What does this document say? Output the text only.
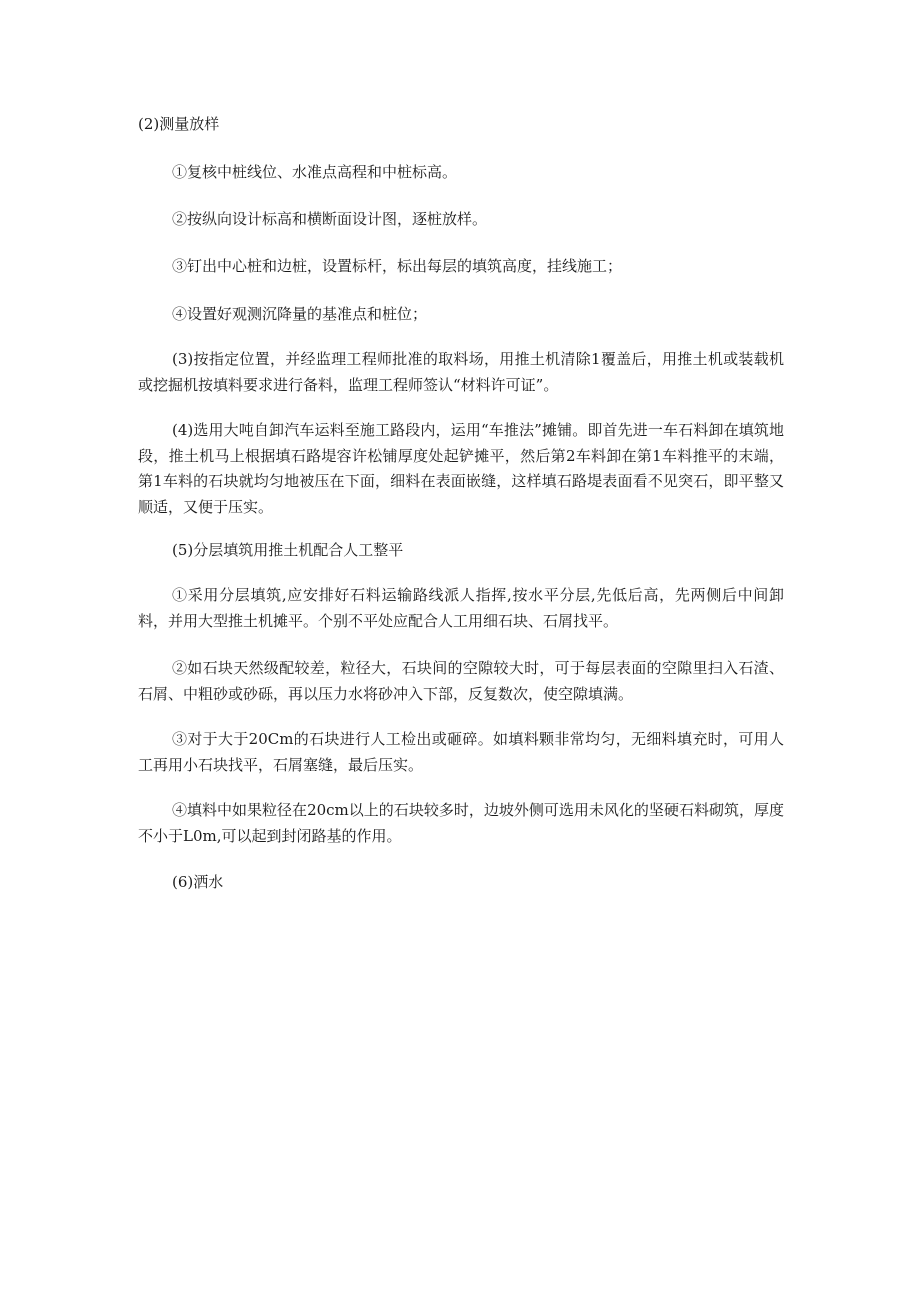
(2)测量放样

①复核中桩线位、水准点高程和中桩标高。

②按纵向设计标高和横断面设计图，逐桩放样。

③钉出中心桩和边桩，设置标杆，标出每层的填筑高度，挂线施工；

④设置好观测沉降量的基准点和桩位；

(3)按指定位置，并经监理工程师批准的取料场，用推土机清除1覆盖后，用推土机或装载机或挖掘机按填料要求进行备料，监理工程师签认“材料许可证”。

(4)选用大吨自卸汽车运料至施工路段内，运用“车推法”摊铺。即首先进一车石料卸在填筑地段，推土机马上根据填石路堤容许松铺厚度处起铲摊平，然后第2车料卸在第1车料推平的末端，第1车料的石块就均匀地被压在下面，细料在表面嵌缝，这样填石路堤表面看不见突石，即平整又顺适，又便于压实。

(5)分层填筑用推土机配合人工整平

①采用分层填筑,应安排好石料运输路线派人指挥,按水平分层,先低后高，先两侧后中间卸料，并用大型推土机摊平。个别不平处应配合人工用细石块、石屑找平。

②如石块天然级配较差，粒径大，石块间的空隙较大时，可于每层表面的空隙里扫入石渣、石屑、中粗砂或砂砾，再以压力水将砂冲入下部，反复数次，使空隙填满。

③对于大于20Cm的石块进行人工检出或砸碎。如填料颗非常均匀，无细料填充时，可用人工再用小石块找平，石屑塞缝，最后压实。

④填料中如果粒径在20cm以上的石块较多时，边坡外侧可选用未风化的坚硬石料砌筑，厚度不小于L0m,可以起到封闭路基的作用。

(6)洒水
